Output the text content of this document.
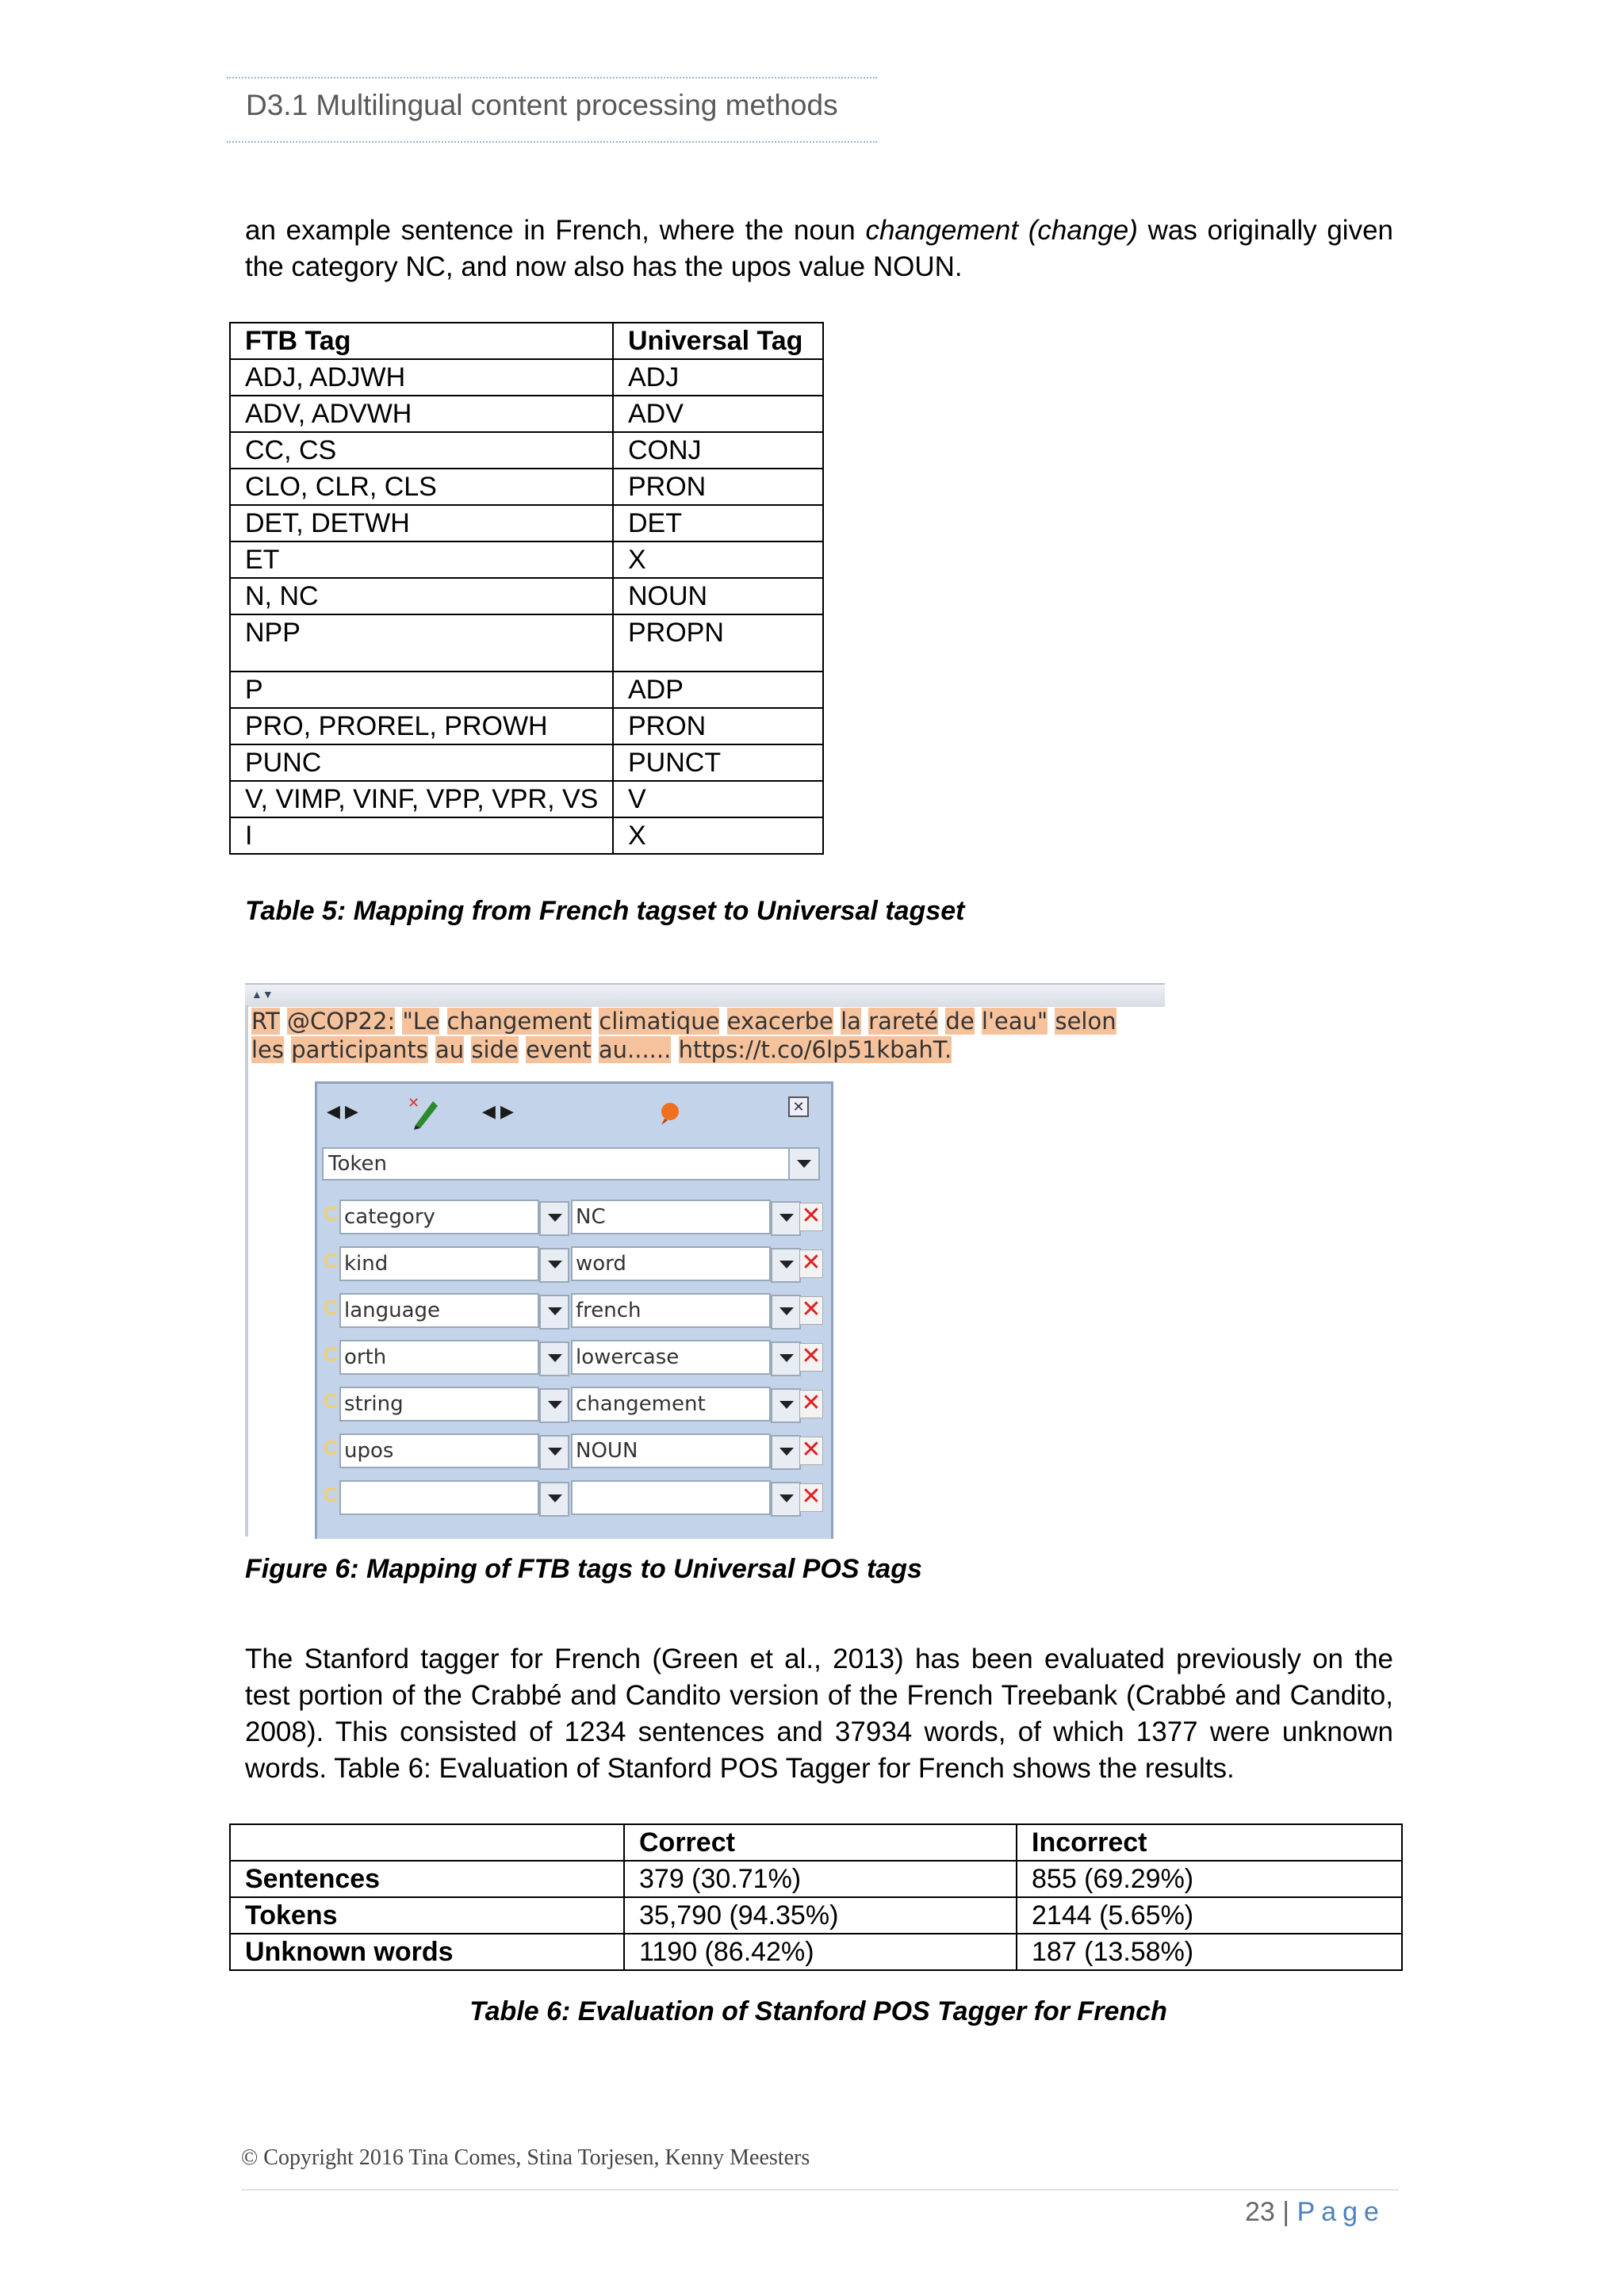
D3.1 Multilingual content processing methods
an example sentence in French, where the noun changement (change) was originally given the category NC, and now also has the upos value NOUN.
FTB Tag	Universal Tag
ADJ, ADJWH	ADJ
ADV, ADVWH	ADV
CC, CS	CONJ
CLO, CLR, CLS	PRON
DET, DETWH	DET
ET	X
N, NC	NOUN
NPP	PROPN
P	ADP
PRO, PROREL, PROWH	PRON
PUNC	PUNCT
V, VIMP, VINF, VPP, VPR, VS	V
I	X
Table 5: Mapping from French tagset to Universal tagset
▲▼
RT @COP22: "Le changement climatique exacerbe la rareté de l'eau" selon les participants au side event au...... https://t.co/6lp51kbahT.
◀ ▶	✕	◀ ▶	✕
Token
C category	NC	✕
C kind	word	✕
C language	french	✕
C orth	lowercase	✕
C string	changement	✕
C upos	NOUN	✕
C	✕
Figure 6: Mapping of FTB tags to Universal POS tags
The Stanford tagger for French (Green et al., 2013) has been evaluated previously on the test portion of the Crabbé and Candito version of the French Treebank (Crabbé and Candito, 2008). This consisted of 1234 sentences and 37934 words, of which 1377 were unknown words. Table 6: Evaluation of Stanford POS Tagger for French shows the results.
	Correct	Incorrect
Sentences	379 (30.71%)	855 (69.29%)
Tokens	35,790 (94.35%)	2144 (5.65%)
Unknown words	1190 (86.42%)	187 (13.58%)
Table 6: Evaluation of Stanford POS Tagger for French
© Copyright 2016 Tina Comes, Stina Torjesen, Kenny Meesters
23 | Page
